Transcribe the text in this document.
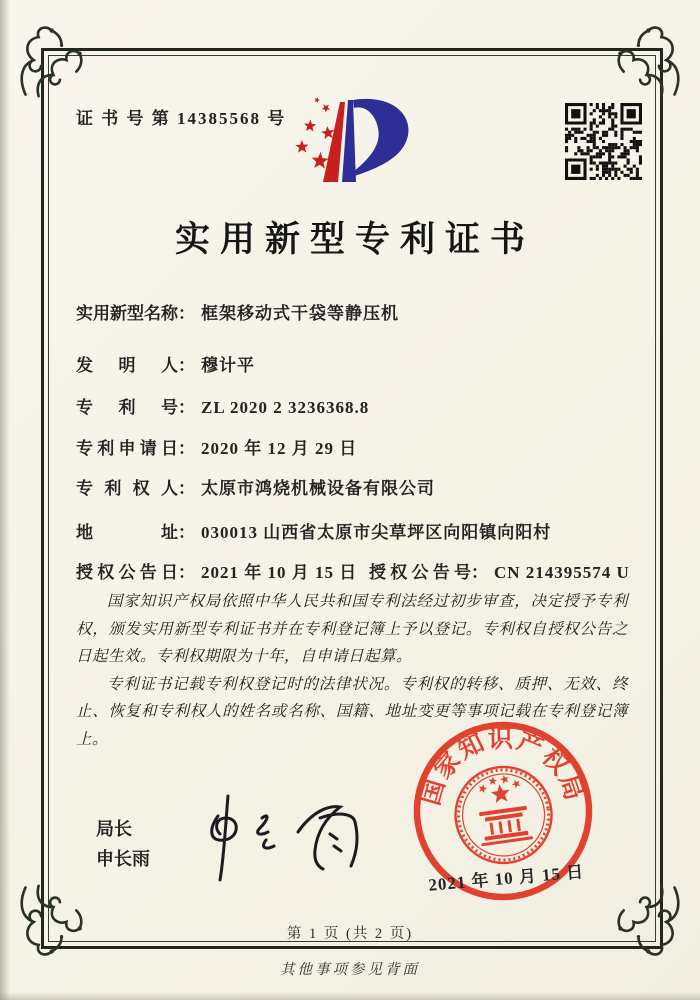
证 书 号 第 14385568 号
实用新型专利证书
实用新型名称： 框架移动式干袋等静压机
发明人： 穆计平
专利号： ZL 2020 2 3236368.8
专利申请日： 2020 年 12 月 29 日
专利权人： 太原市鸿烧机械设备有限公司
地址： 030013 山西省太原市尖草坪区向阳镇向阳村
授权公告日： 2021 年 10 月 15 日 授权公告号： CN 214395574 U

国家知识产权局依照中华人民共和国专利法经过初步审查，决定授予专利权，颁发实用新型专利证书并在专利登记簿上予以登记。专利权自授权公告之日起生效。专利权期限为十年，自申请日起算。

专利证书记载专利权登记时的法律状况。专利权的转移、质押、无效、终止、恢复和专利权人的姓名或名称、国籍、地址变更等事项记载在专利登记簿上。

局长
申长雨
国家知识产权局
2021 年 10 月 15 日
第 1 页 (共 2 页)
其他事项参见背面
